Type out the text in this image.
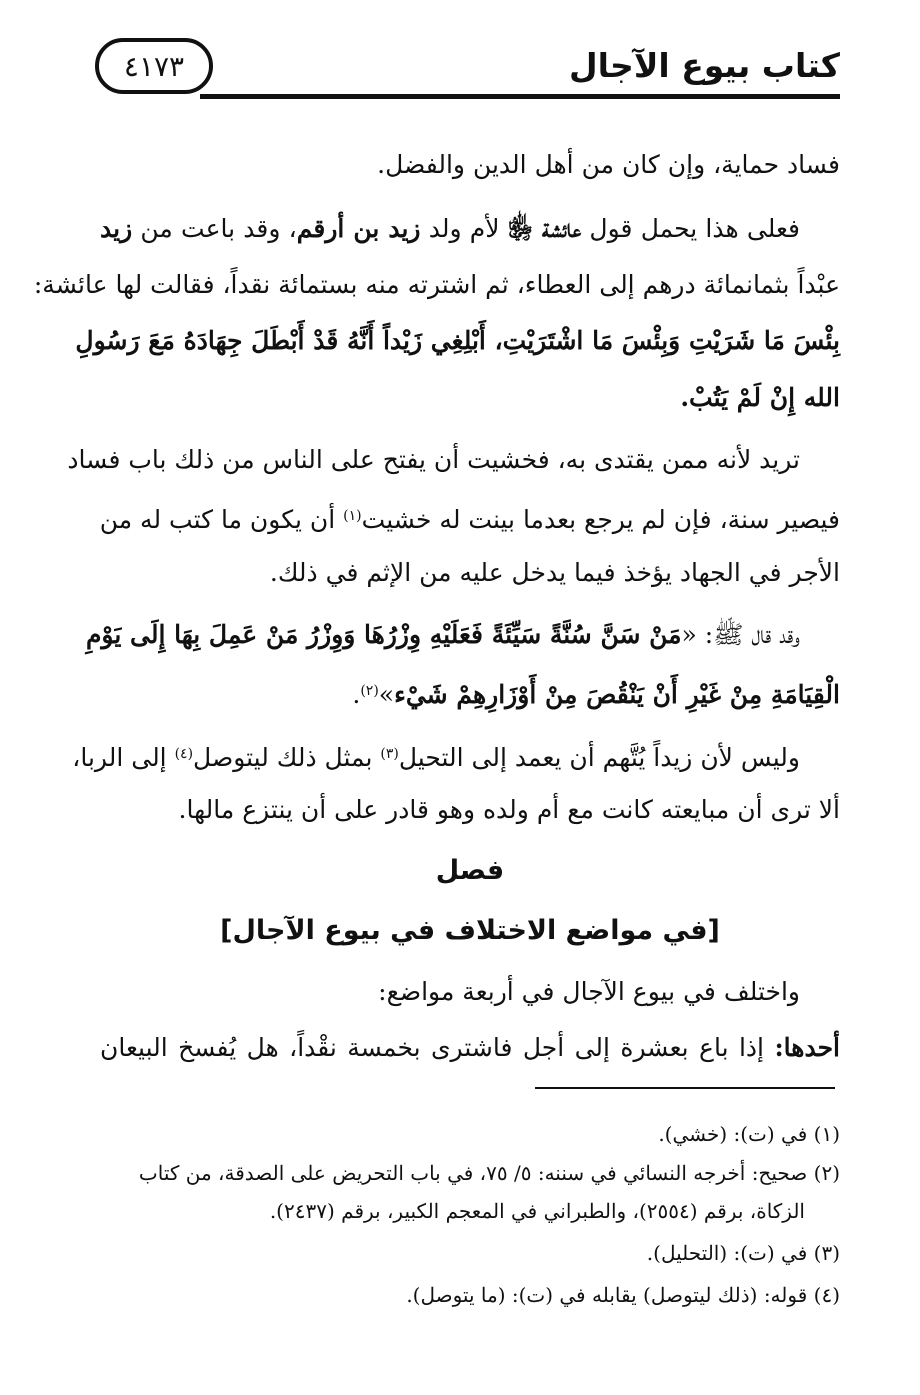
كتاب بيوع الآجال
٤١٧٣
فساد حماية، وإن كان من أهل الدين والفضل.
فعلى هذا يحمل قول عائشة ﵂ لأم ولد زيد بن أرقم، وقد باعت من زيد
عبْداً بثمانمائة درهم إلى العطاء، ثم اشترته منه بستمائة نقداً، فقالت لها عائشة:
بِئْسَ مَا شَرَيْتِ وَبِئْسَ مَا اشْتَرَيْتِ، أَبْلِغِي زَيْداً أَنَّهُ قَدْ أَبْطَلَ جِهَادَهُ مَعَ رَسُولِ
الله إِنْ لَمْ يَتُبْ.
تريد لأنه ممن يقتدى به، فخشيت أن يفتح على الناس من ذلك باب فساد
فيصير سنة، فإن لم يرجع بعدما بينت له خشيت$^{(١)}$ أن يكون ما كتب له من
الأجر في الجهاد يؤخذ فيما يدخل عليه من الإثم في ذلك.
وقد قال ﷺ: «مَنْ سَنَّ سُنَّةً سَيِّئَةً فَعَلَيْهِ وِزْرُهَا وَوِزْرُ مَنْ عَمِلَ بِهَا إِلَى يَوْمِ
الْقِيَامَةِ مِنْ غَيْرِ أَنْ يَنْقُصَ مِنْ أَوْزَارِهِمْ شَيْء»$^{(٢)}$.
وليس لأن زيداً يُتَّهم أن يعمد إلى التحيل$^{(٣)}$ بمثل ذلك ليتوصل$^{(٤)}$ إلى الربا،
ألا ترى أن مبايعته كانت مع أم ولده وهو قادر على أن ينتزع مالها.
فصل
[في مواضع الاختلاف في بيوع الآجال]
واختلف في بيوع الآجال في أربعة مواضع:
أحدها: إذا باع بعشرة إلى أجل فاشترى بخمسة نقْداً، هل يُفسخ البيعان
(١) في (ت): (خشي).
(٢) صحيح: أخرجه النسائي في سننه: ٥/ ٧٥، في باب التحريض على الصدقة، من كتاب
الزكاة، برقم (٢٥٥٤)، والطبراني في المعجم الكبير، برقم (٢٤٣٧).
(٣) في (ت): (التحليل).
(٤) قوله: (ذلك ليتوصل) يقابله في (ت): (ما يتوصل).
